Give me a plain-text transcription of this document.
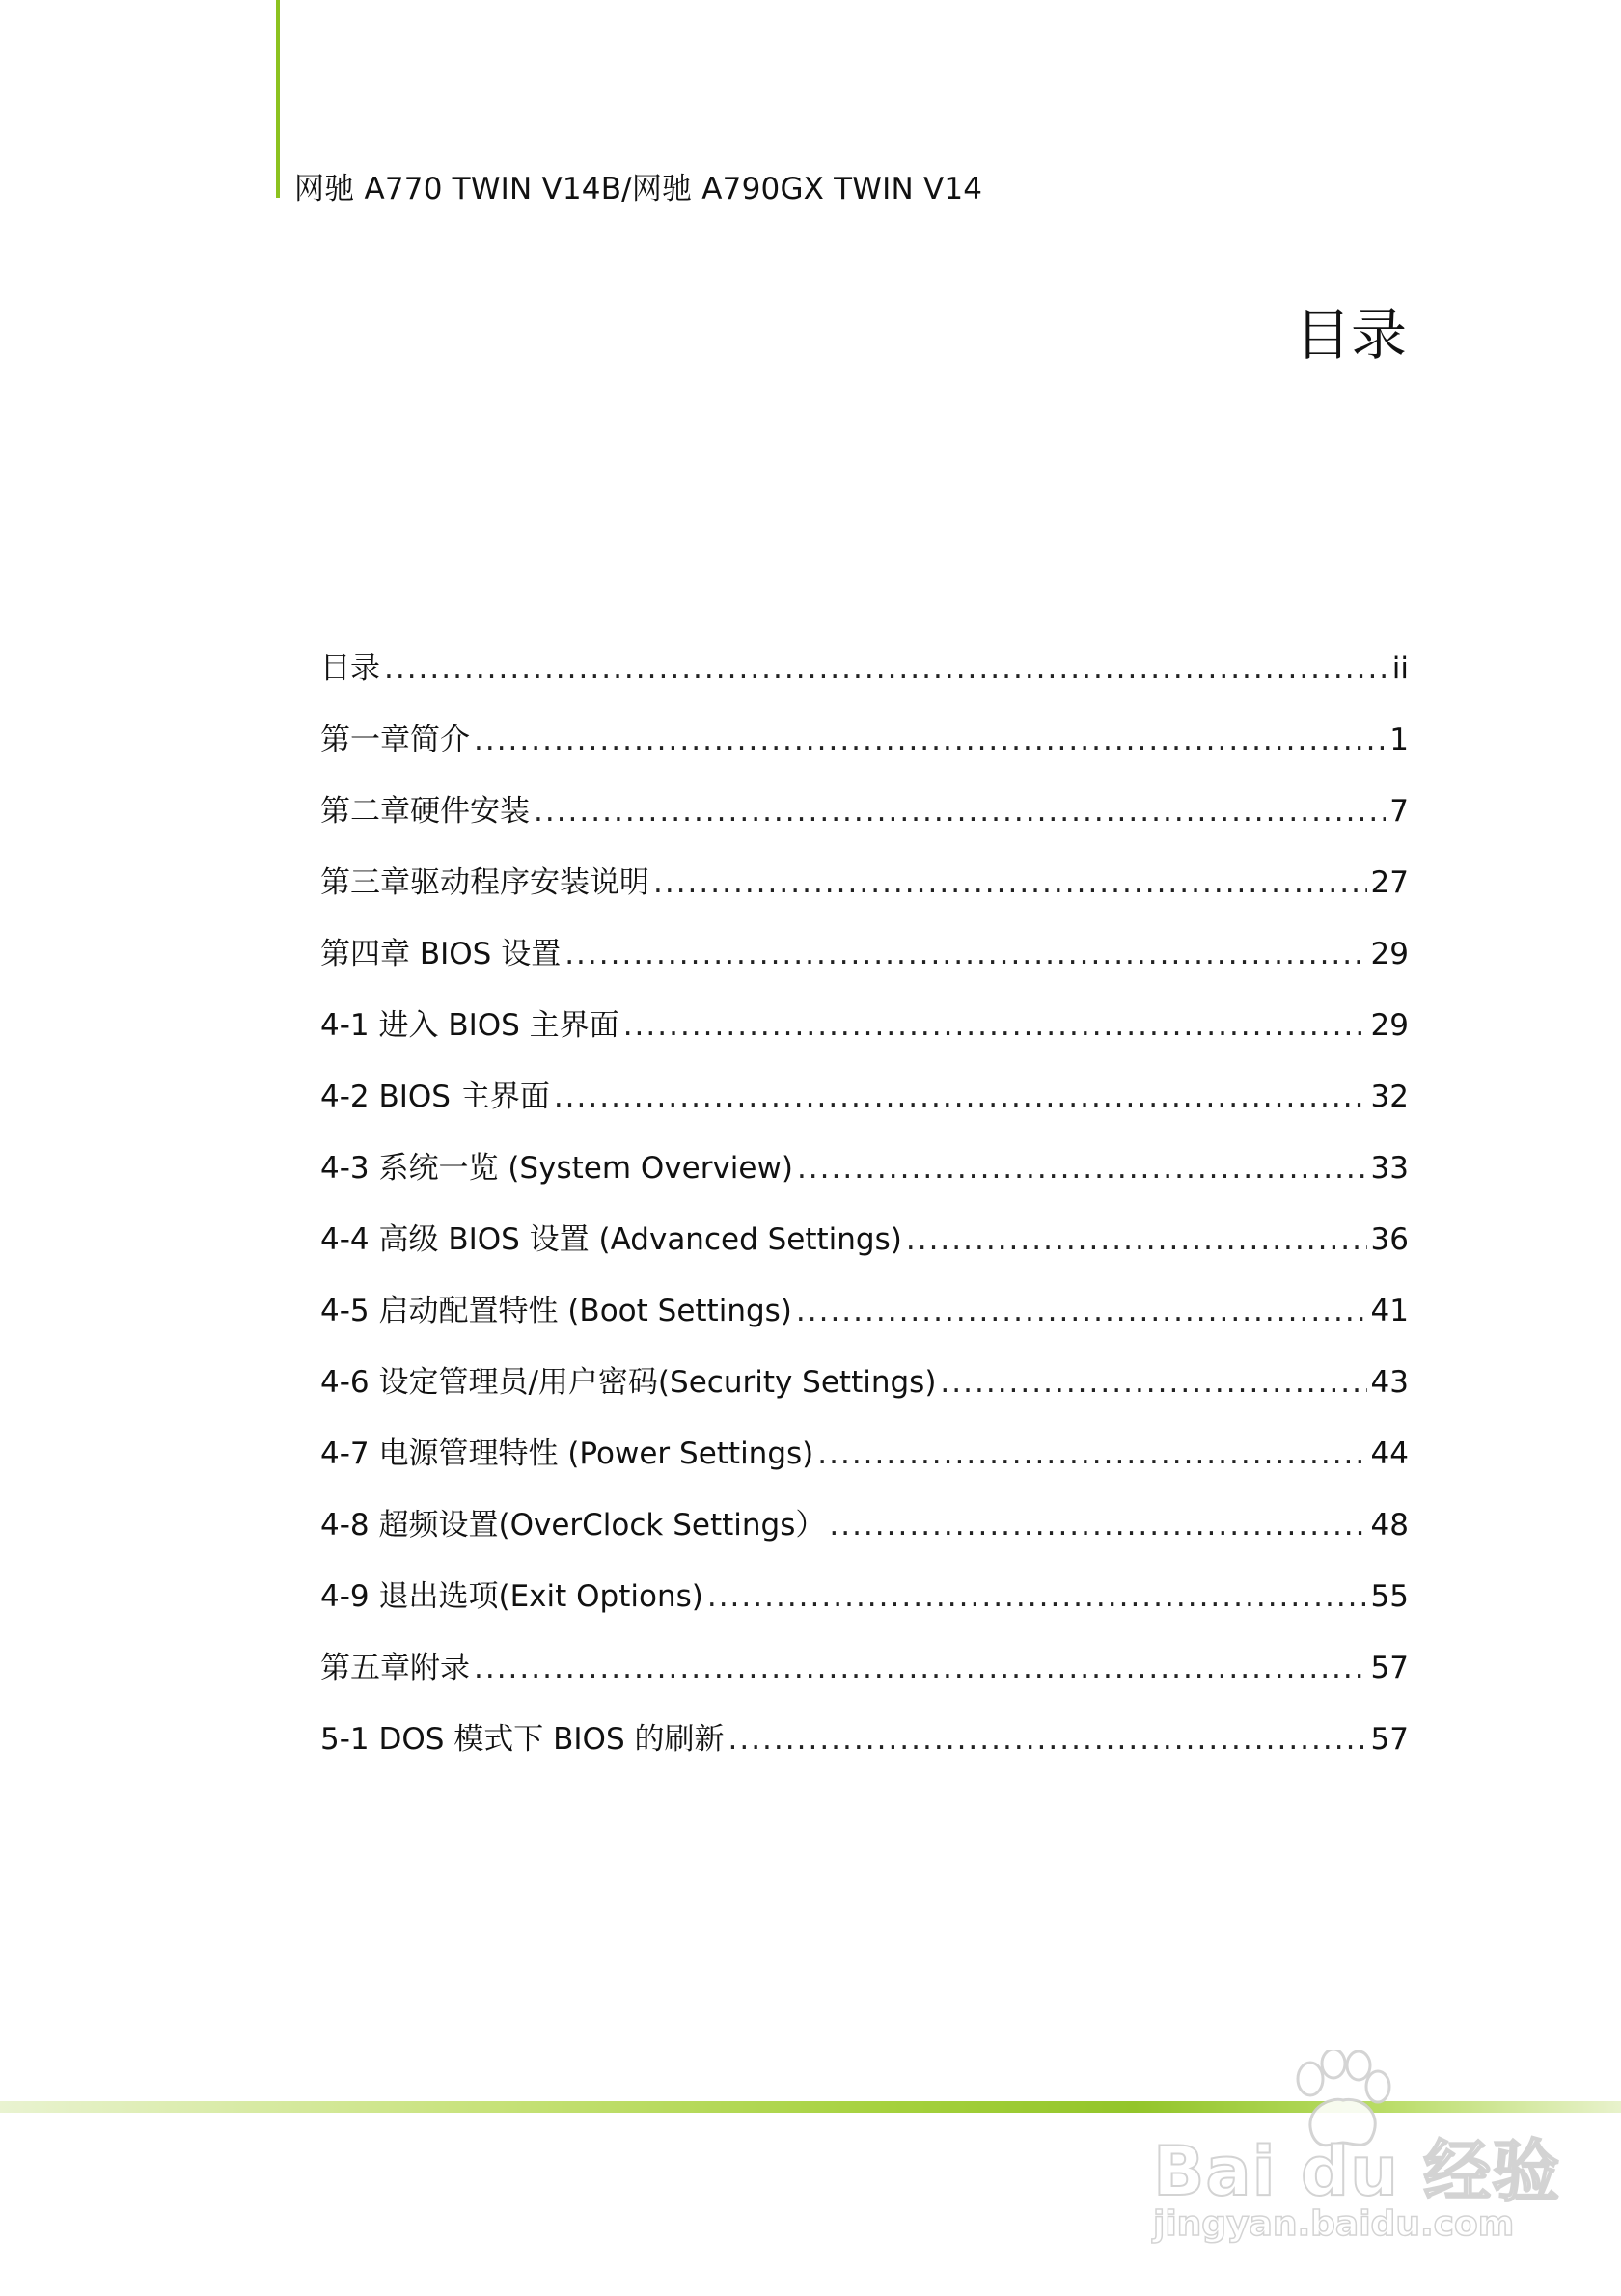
网驰 A770 TWIN V14B/网驰 A790GX TWIN V14
目录
目录 .....	ii
第一章简介 .....	1
第二章硬件安装 .....	7
第三章驱动程序安装说明 .....	27
第四章 BIOS 设置 .....	29
4-1 进入 BIOS 主界面 .....	29
4-2 BIOS 主界面 .....	32
4-3 系统一览 (System Overview) .....	33
4-4 高级 BIOS 设置 (Advanced Settings) .....	36
4-5 启动配置特性 (Boot Settings) .....	41
4-6 设定管理员/用户密码(Security Settings) .....	43
4-7 电源管理特性 (Power Settings) .....	44
4-8 超频设置(OverClock Settings） .....	48
4-9 退出选项(Exit Options) .....	55
第五章附录 .....	57
5-1 DOS 模式下 BIOS 的刷新 .....	57
Bai du 经验
jingyan.baidu.com
